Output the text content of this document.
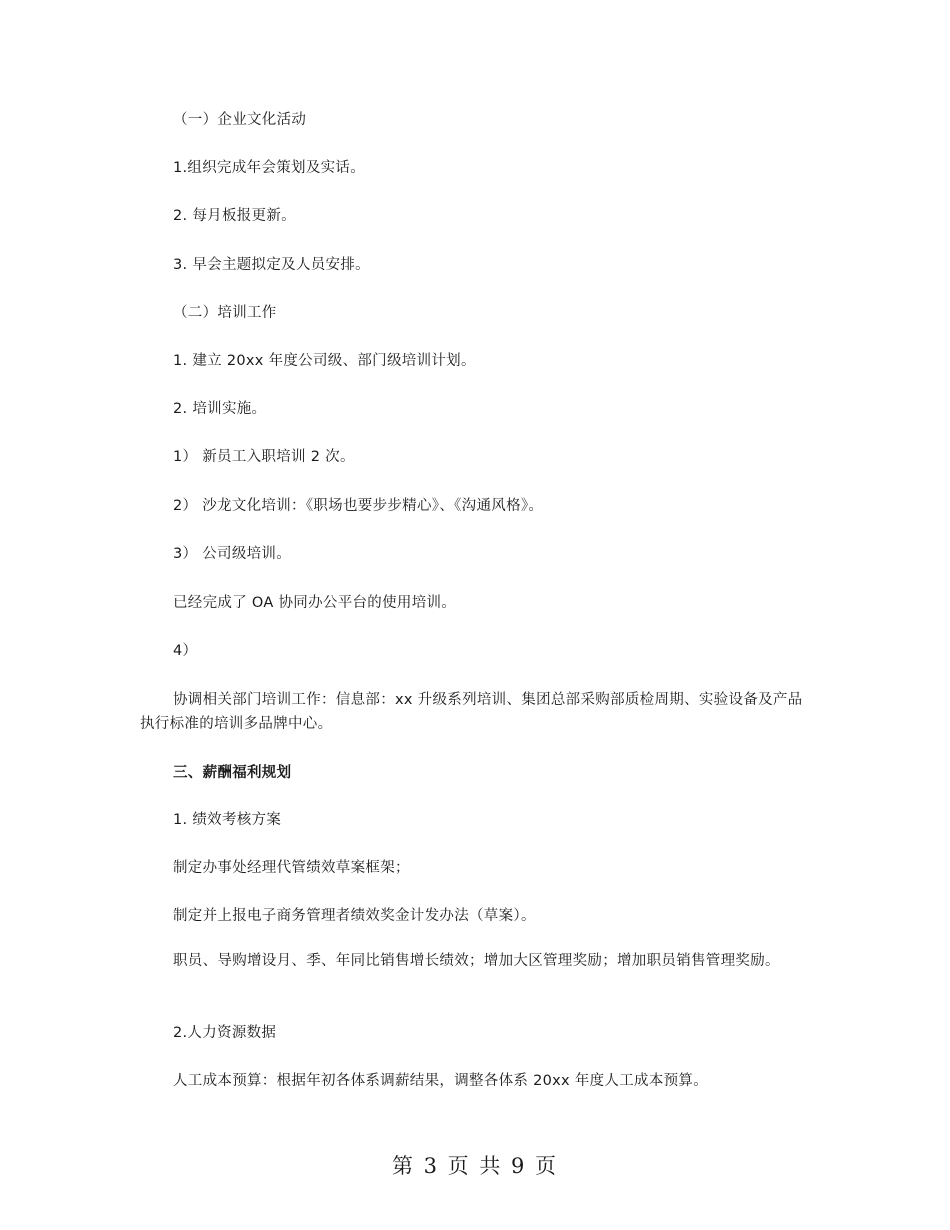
（一）企业文化活动
1.组织完成年会策划及实话。
2. 每月板报更新。
3. 早会主题拟定及人员安排。
（二）培训工作
1. 建立 20xx 年度公司级、部门级培训计划。
2. 培训实施。
1） 新员工入职培训 2 次。
2） 沙龙文化培训：《职场也要步步精心》、《沟通风格》。
3） 公司级培训。
已经完成了 OA 协同办公平台的使用培训。
4）
协调相关部门培训工作：信息部：xx 升级系列培训、集团总部采购部质检周期、实验设备及产品执行标准的培训多品牌中心。
三、薪酬福利规划
1. 绩效考核方案
制定办事处经理代管绩效草案框架；
制定并上报电子商务管理者绩效奖金计发办法（草案）。
职员、导购增设月、季、年同比销售增长绩效；增加大区管理奖励；增加职员销售管理奖励。
2.人力资源数据
人工成本预算：根据年初各体系调薪结果，调整各体系 20xx 年度人工成本预算。
第 3 页 共 9 页
